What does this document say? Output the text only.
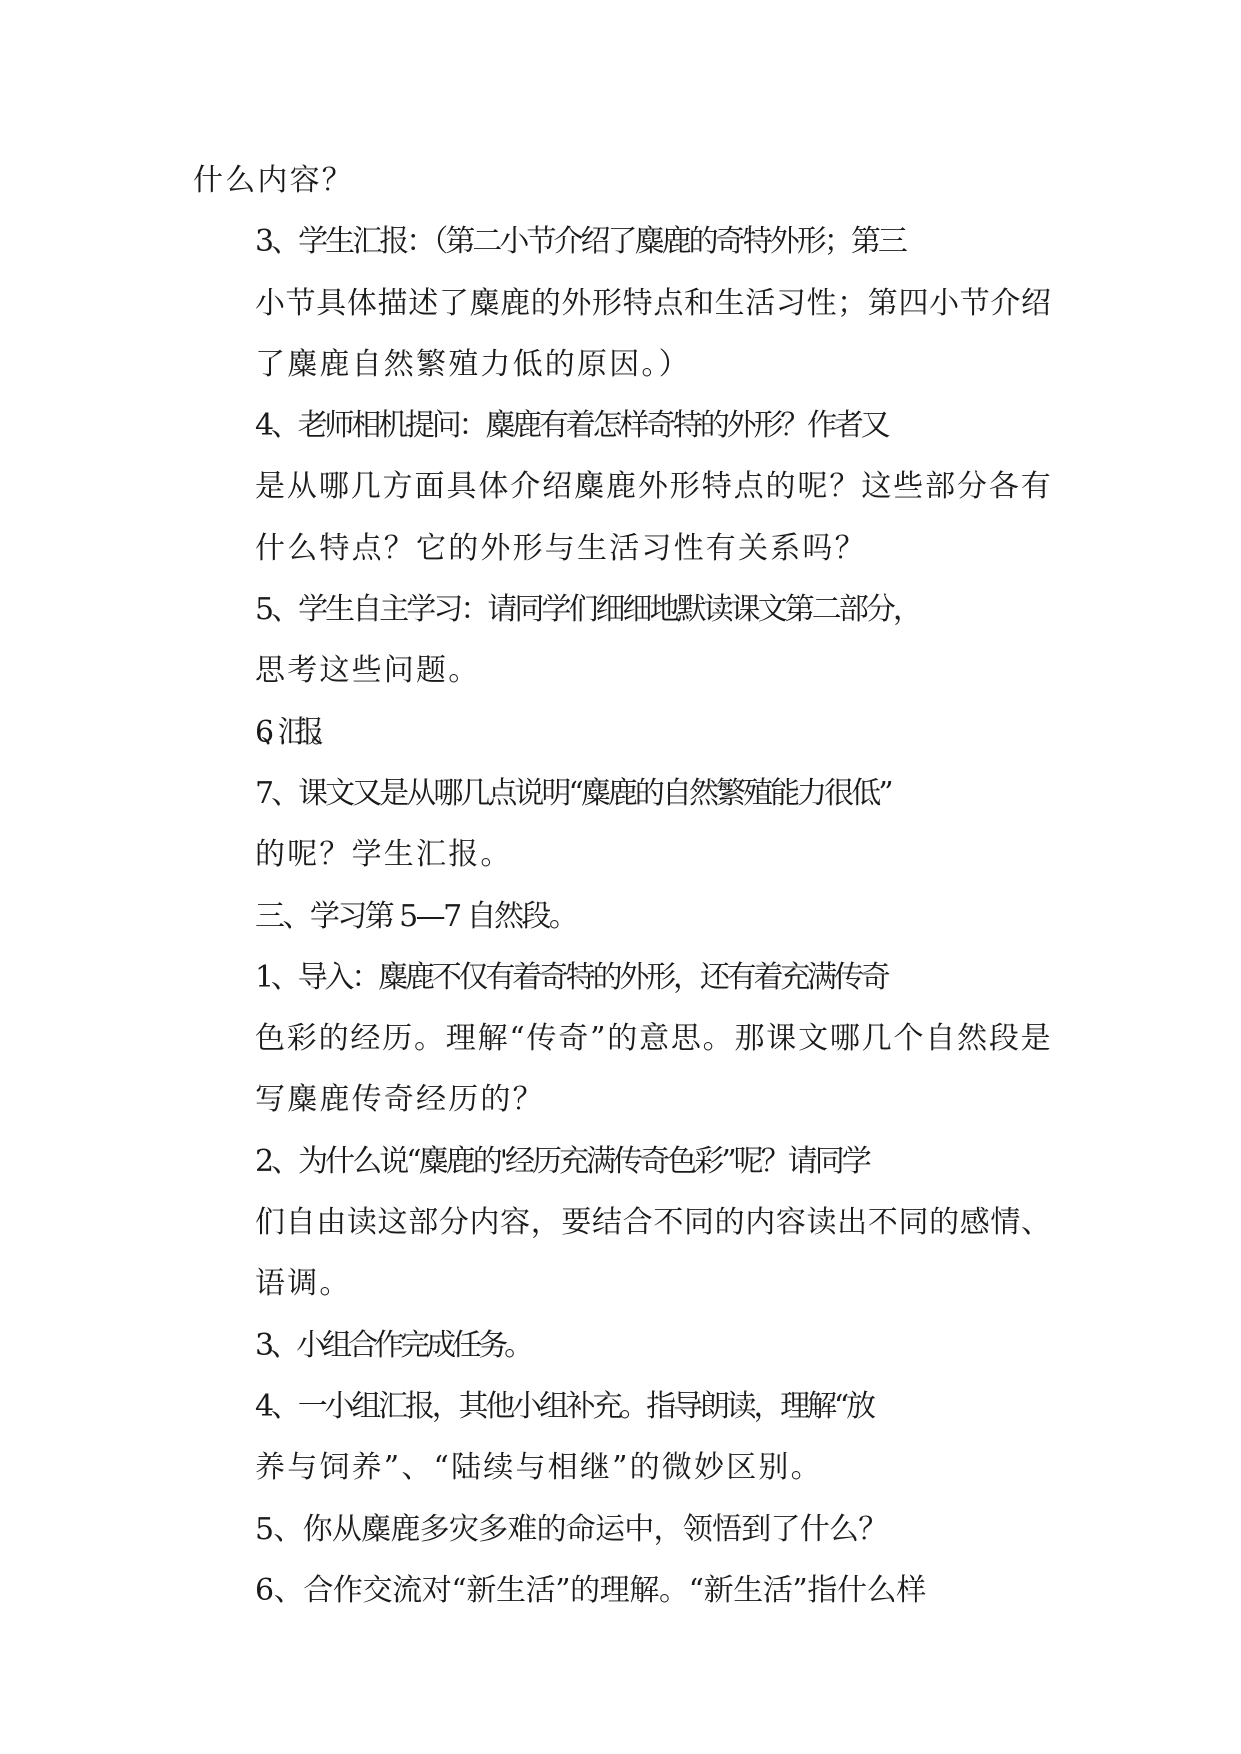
什么内容？
3、学生汇报：（第二小节介绍了麋鹿的奇特外形；第三
小节具体描述了麋鹿的外形特点和生活习性；第四小节介绍
了麋鹿自然繁殖力低的原因。）
4、老师相机提问：麋鹿有着怎样奇特的外形？作者又
是从哪几方面具体介绍麋鹿外形特点的呢？这些部分各有
什么特点？它的外形与生活习性有关系吗？
5、学生自主学习：请同学们细细地默读课文第二部分，
思考这些问题。
6、汇报。
7、课文又是从哪几点说明“麋鹿的自然繁殖能力很低”
的呢？学生汇报。
三、学习第 5—7 自然段。
1、导入：麋鹿不仅有着奇特的外形，还有着充满传奇
色彩的经历。理解“传奇”的意思。那课文哪几个自然段是
写麋鹿传奇经历的？
2、为什么说“麋鹿的'经历充满传奇色彩”呢？请同学
们自由读这部分内容，要结合不同的内容读出不同的感情、
语调。
3、小组合作完成任务。
4、一小组汇报，其他小组补充。指导朗读，理解“放
养与饲养”、“陆续与相继”的微妙区别。
5、你从麋鹿多灾多难的命运中，领悟到了什么？
6、合作交流对“新生活”的理解。“新生活”指什么样
